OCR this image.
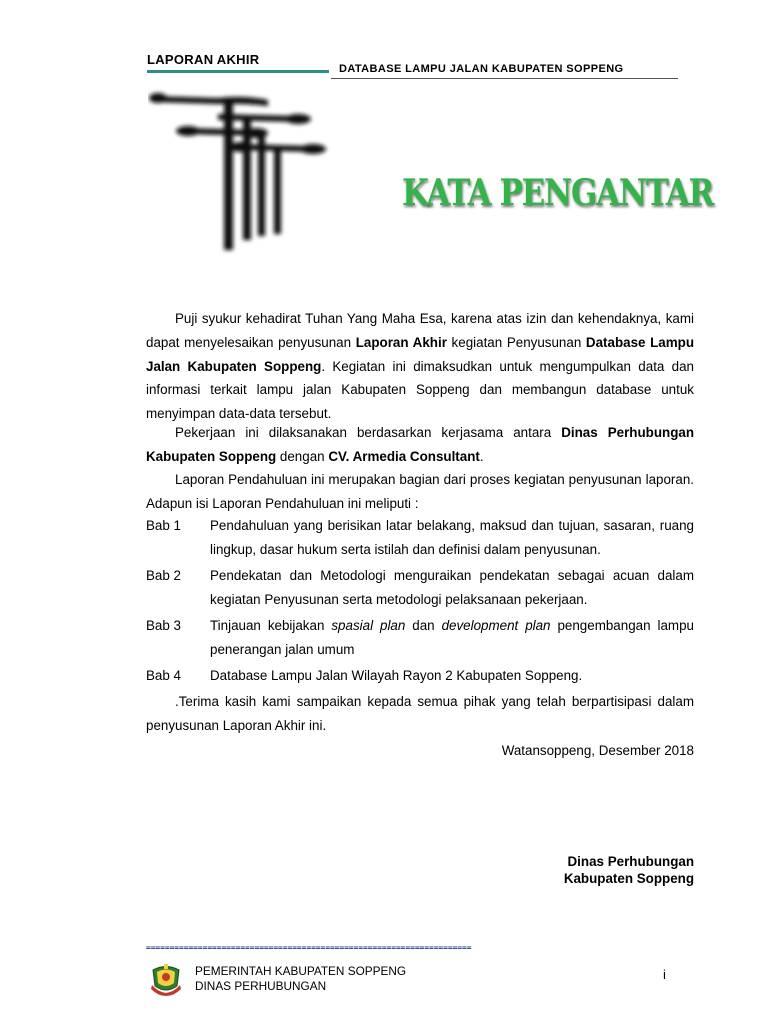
LAPORAN AKHIR
DATABASE LAMPU JALAN KABUPATEN SOPPENG
KATA PENGANTAR
Puji syukur kehadirat Tuhan Yang Maha Esa, karena atas izin dan kehendaknya, kami dapat menyelesaikan penyusunan Laporan Akhir kegiatan Penyusunan Database Lampu Jalan Kabupaten Soppeng. Kegiatan ini dimaksudkan untuk mengumpulkan data dan informasi terkait lampu jalan Kabupaten Soppeng dan membangun database untuk menyimpan data-data tersebut.
Pekerjaan ini dilaksanakan berdasarkan kerjasama antara Dinas Perhubungan Kabupaten Soppeng dengan CV. Armedia Consultant.
Laporan Pendahuluan ini merupakan bagian dari proses kegiatan penyusunan laporan. Adapun isi Laporan Pendahuluan ini meliputi :
Bab 1 Pendahuluan yang berisikan latar belakang, maksud dan tujuan, sasaran, ruang lingkup, dasar hukum serta istilah dan definisi dalam penyusunan.
Bab 2 Pendekatan dan Metodologi menguraikan pendekatan sebagai acuan dalam kegiatan Penyusunan serta metodologi pelaksanaan pekerjaan.
Bab 3 Tinjauan kebijakan spasial plan dan development plan pengembangan lampu penerangan jalan umum
Bab 4 Database Lampu Jalan Wilayah Rayon 2 Kabupaten Soppeng.
.Terima kasih kami sampaikan kepada semua pihak yang telah berpartisipasi dalam penyusunan Laporan Akhir ini.
Watansoppeng, Desember 2018
Dinas Perhubungan
Kabupaten Soppeng
=====================================================================
PEMERINTAH KABUPATEN SOPPENG
DINAS PERHUBUNGAN
i
